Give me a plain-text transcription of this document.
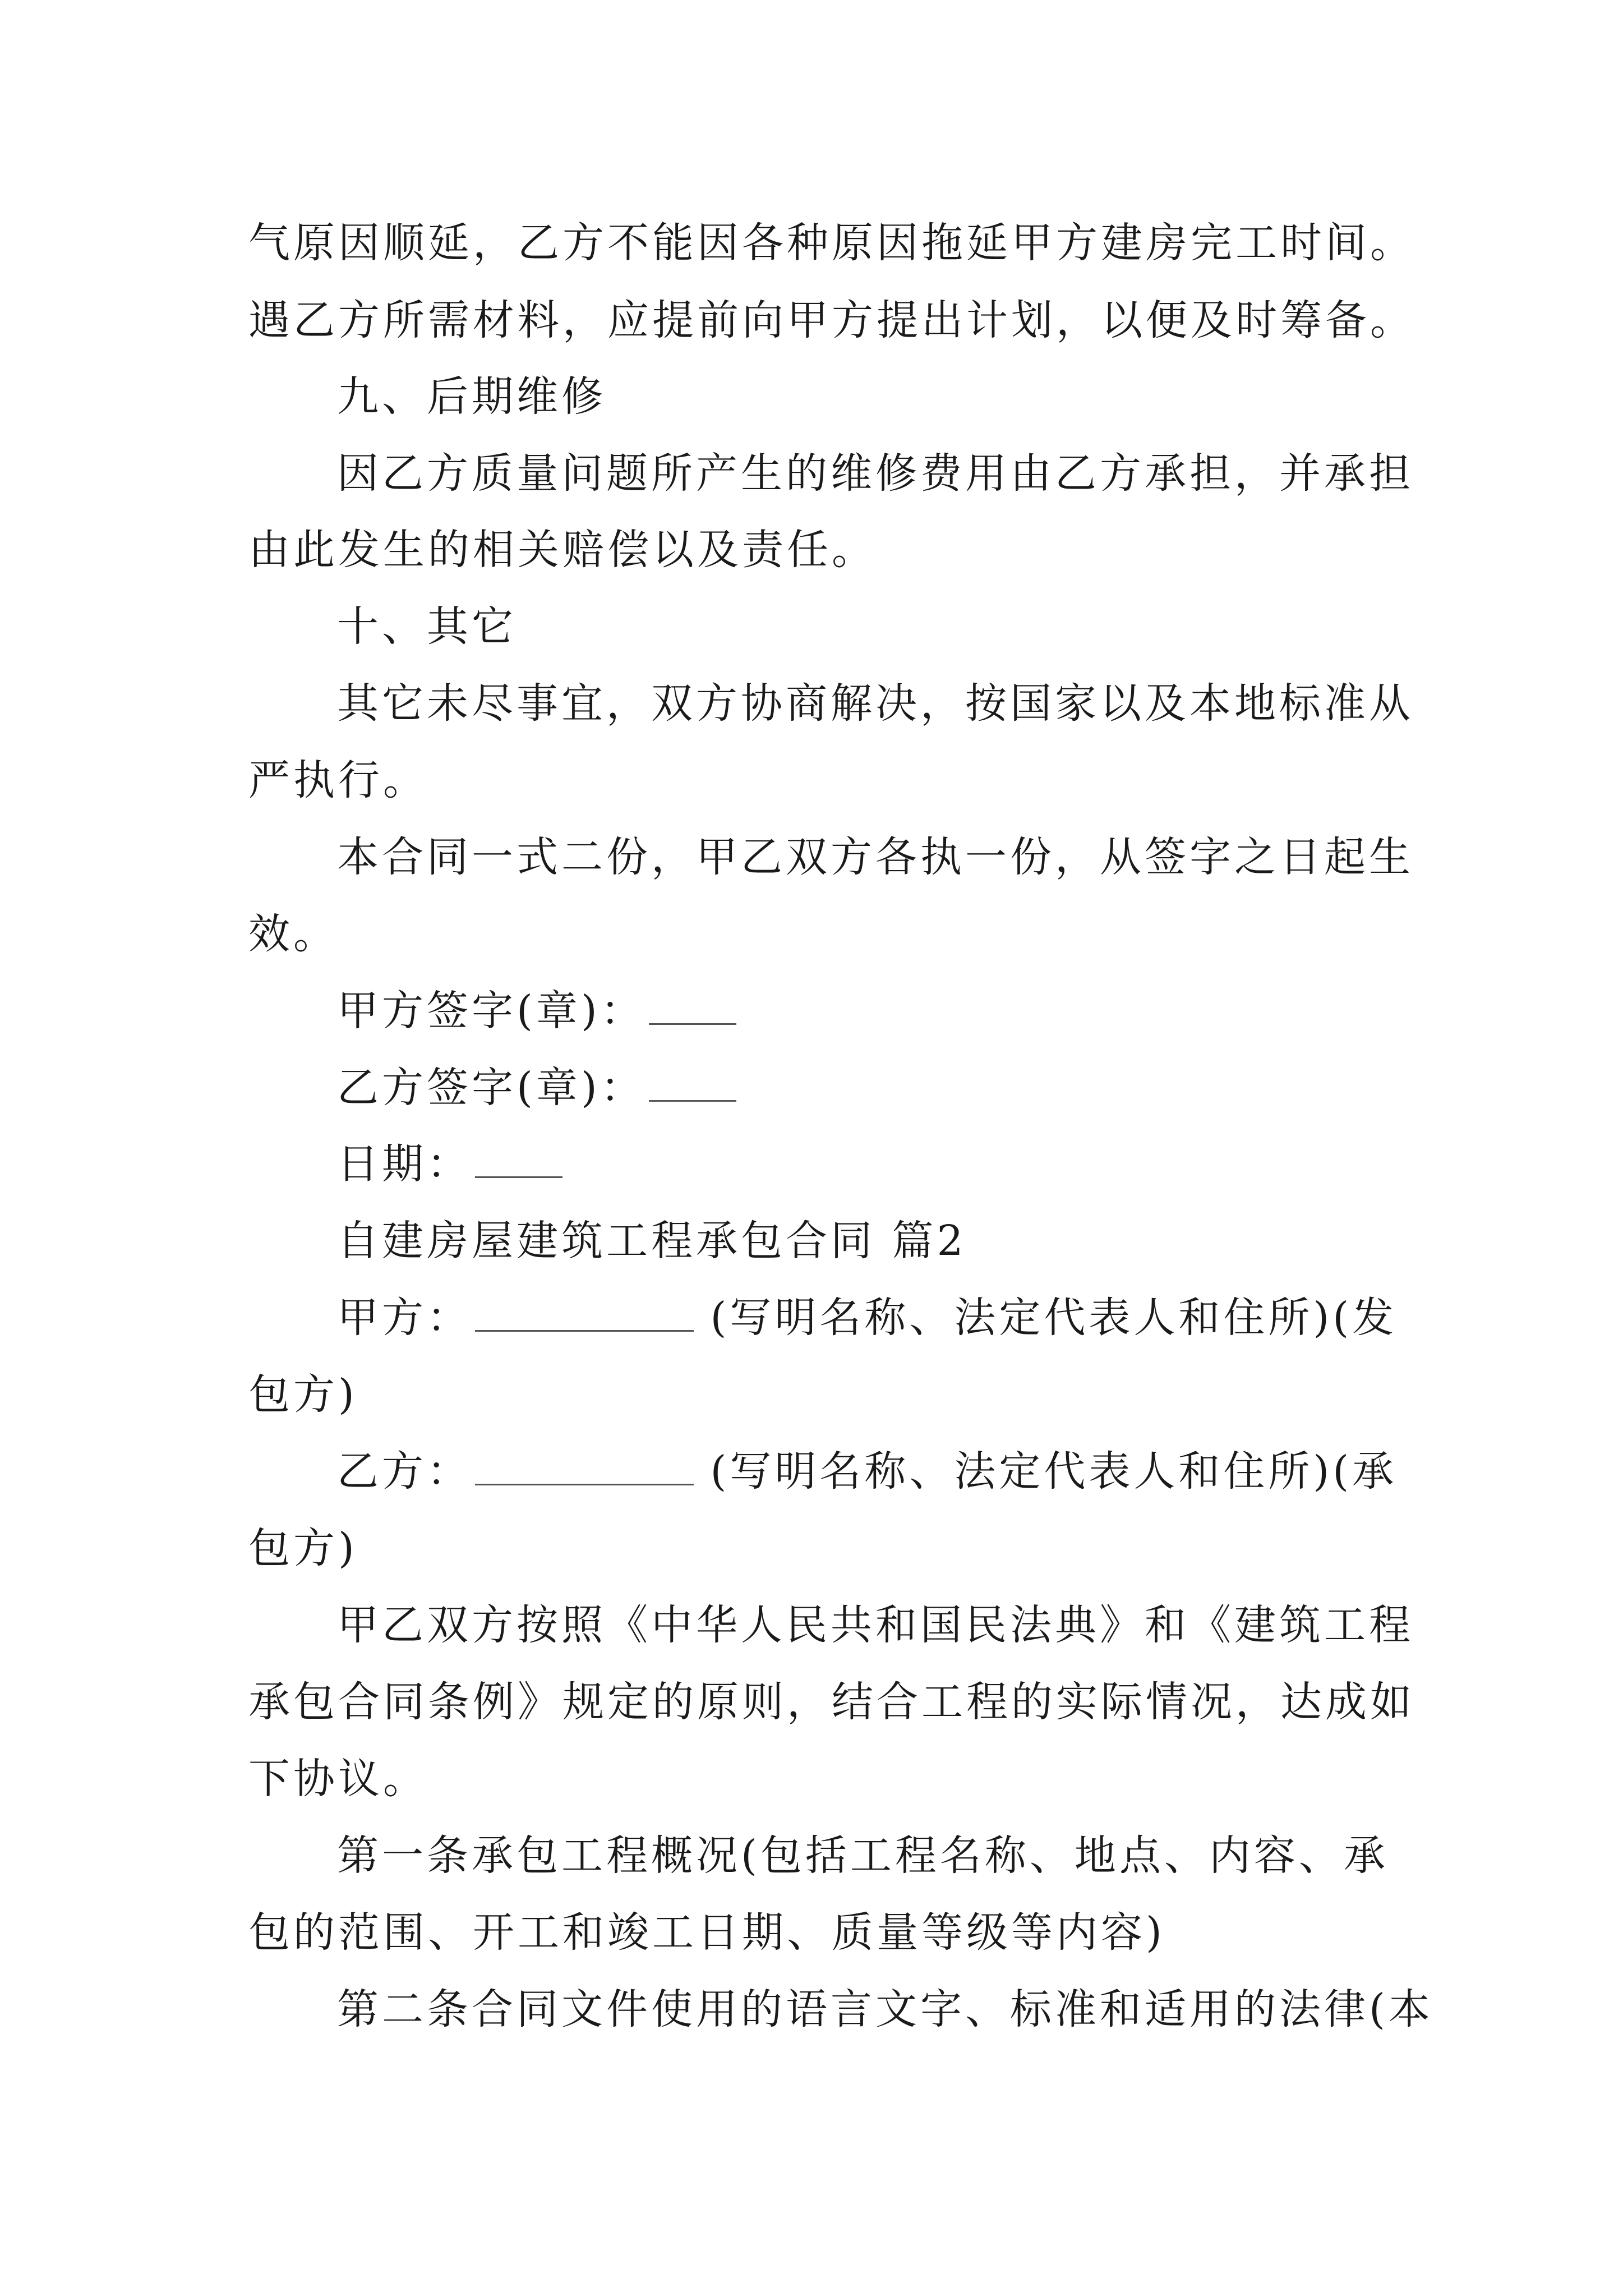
气原因顺延，乙方不能因各种原因拖延甲方建房完工时间。
遇乙方所需材料，应提前向甲方提出计划，以便及时筹备。
九、后期维修
因乙方质量问题所产生的维修费用由乙方承担，并承担
由此发生的相关赔偿以及责任。
十、其它
其它未尽事宜，双方协商解决，按国家以及本地标准从
严执行。
本合同一式二份，甲乙双方各执一份，从签字之日起生
效。
甲方签字(章)：
乙方签字(章)：
日期：
自建房屋建筑工程承包合同 篇2
甲方：	(写明名称、法定代表人和住所)(发
包方)
乙方：	(写明名称、法定代表人和住所)(承
包方)
甲乙双方按照《中华人民共和国民法典》和《建筑工程
承包合同条例》规定的原则，结合工程的实际情况，达成如
下协议。
第一条承包工程概况(包括工程名称、地点、内容、承
包的范围、开工和竣工日期、质量等级等内容)
第二条合同文件使用的语言文字、标准和适用的法律(本
